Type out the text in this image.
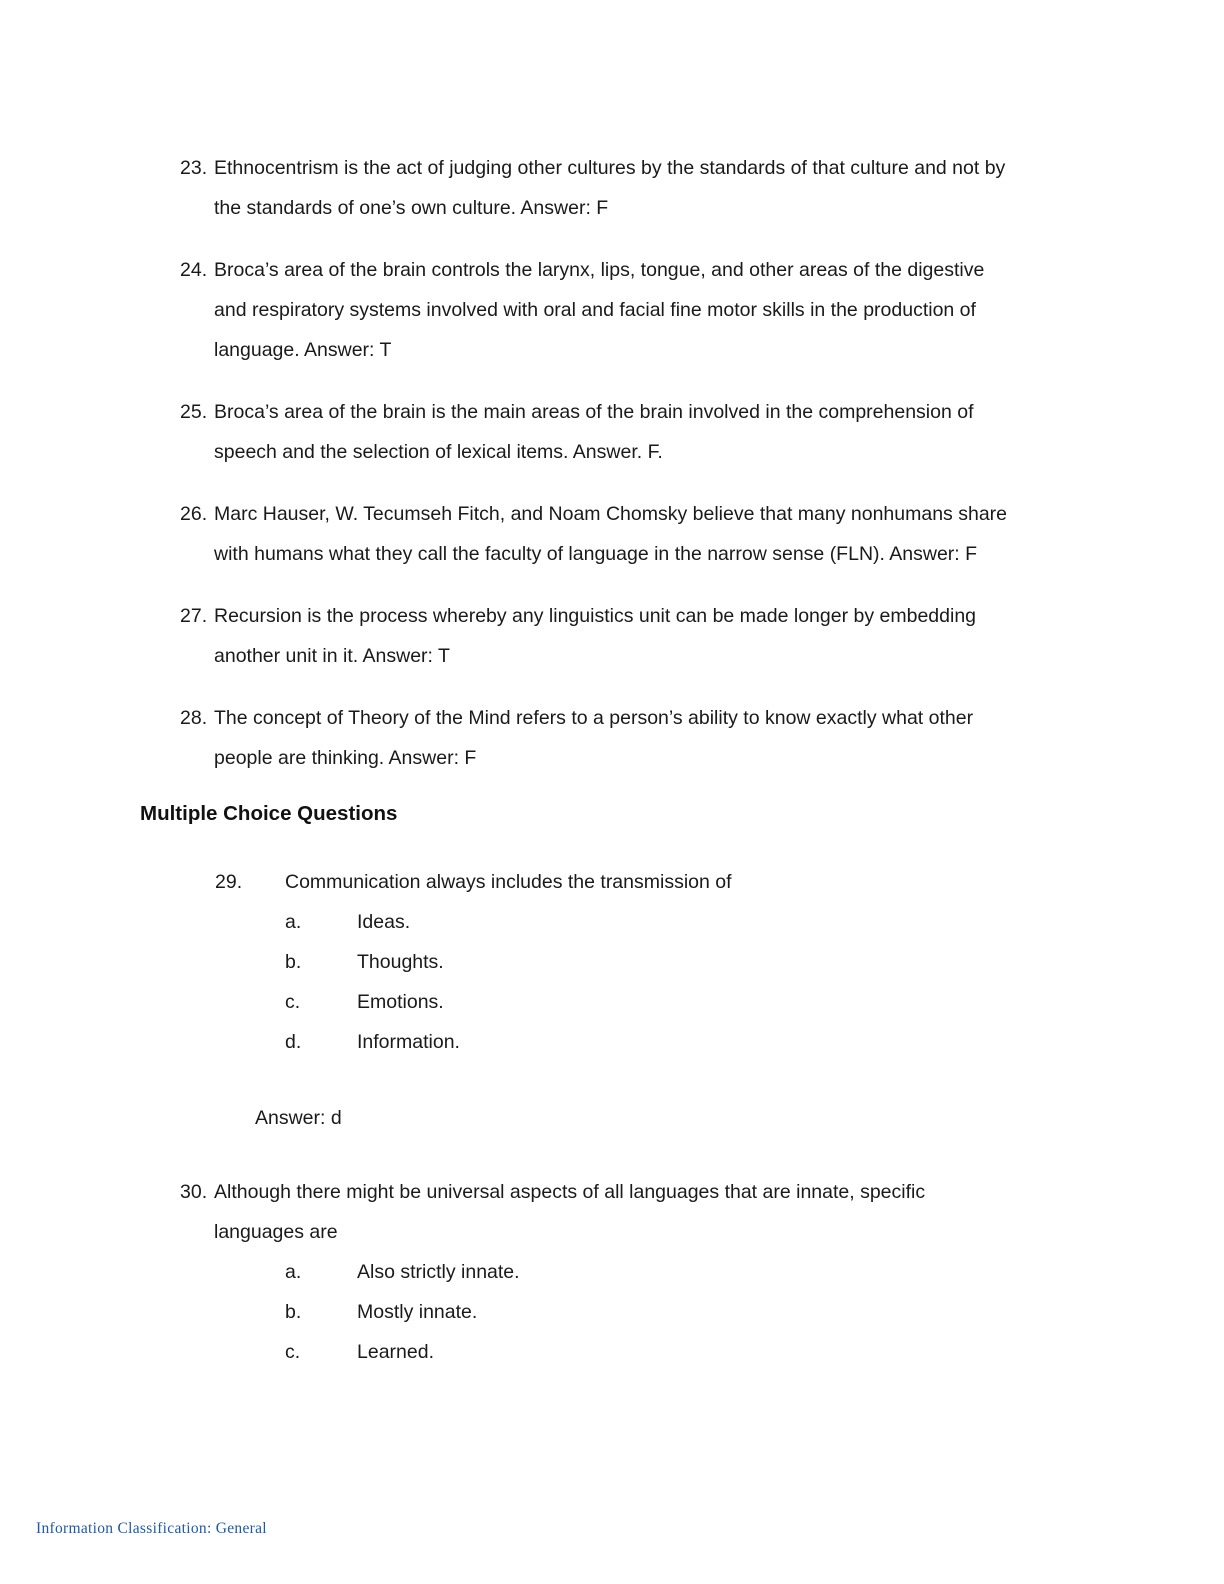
23. Ethnocentrism is the act of judging other cultures by the standards of that culture and not by the standards of one’s own culture. Answer: F
24. Broca’s area of the brain controls the larynx, lips, tongue, and other areas of the digestive and respiratory systems involved with oral and facial fine motor skills in the production of language. Answer: T
25. Broca’s area of the brain is the main areas of the brain involved in the comprehension of speech and the selection of lexical items. Answer. F.
26. Marc Hauser, W. Tecumseh Fitch, and Noam Chomsky believe that many nonhumans share with humans what they call the faculty of language in the narrow sense (FLN). Answer: F
27. Recursion is the process whereby any linguistics unit can be made longer by embedding another unit in it. Answer: T
28. The concept of Theory of the Mind refers to a person’s ability to know exactly what other people are thinking. Answer: F
Multiple Choice Questions
29.	Communication always includes the transmission of
a.	Ideas.
b.	Thoughts.
c.	Emotions.
d.	Information.
Answer: d
30. Although there might be universal aspects of all languages that are innate, specific languages are
a.	Also strictly innate.
b.	Mostly innate.
c.	Learned.
Information Classification: General
